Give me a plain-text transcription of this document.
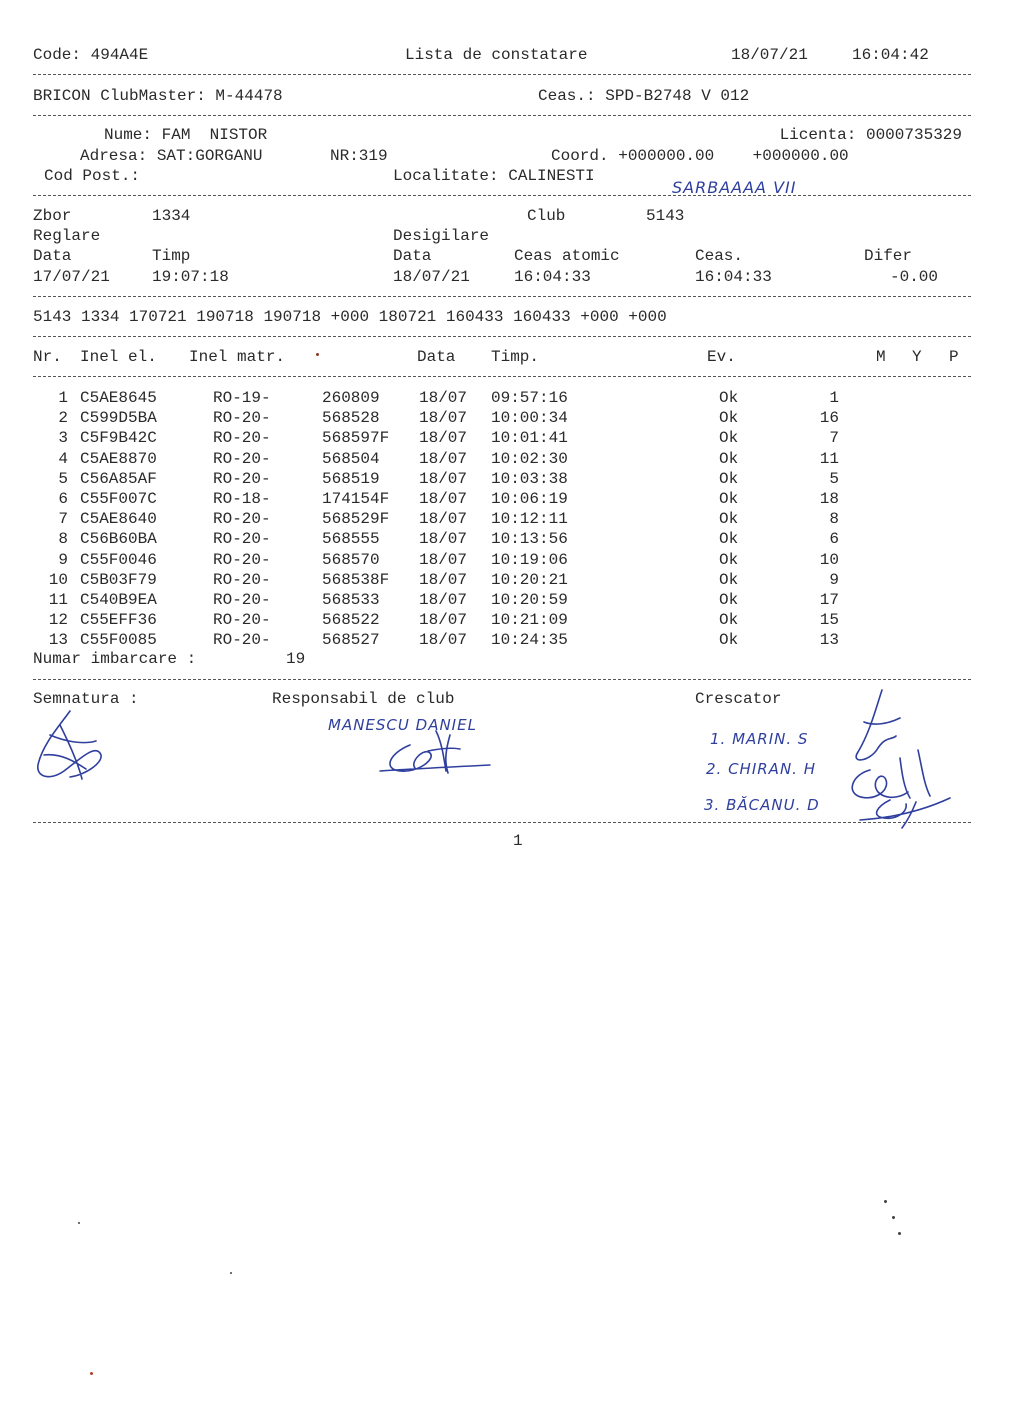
Code: 494A4E	Lista de constatare	18/07/21	16:04:42
BRICON ClubMaster: M-44478	Ceas.: SPD-B2748 V 012
Nume: FAM  NISTOR	Licenta: 0000735329
Adresa: SAT:GORGANU	NR:319	Coord. +000000.00    +000000.00
Cod Post.:	Localitate: CALINESTI
SARBAAAA VII
Zbor	1334	Club	5143
Reglare	Desigilare
Data	Timp	Data	Ceas atomic	Ceas.	Difer
17/07/21	19:07:18	18/07/21	16:04:33	16:04:33	-0.00
5143 1334 170721 190718 190718 +000 180721 160433 160433 +000 +000
Nr. Inel el. Inel matr.	Data Timp.	Ev.	M Y P
1 C5AE8645	RO-19-	260809 18/07 09:57:16	Ok	1
2 C599D5BA	RO-20-	568528 18/07 10:00:34	Ok	16
3 C5F9B42C	RO-20-	568597F 18/07 10:01:41	Ok	7
4 C5AE8870	RO-20-	568504 18/07 10:02:30	Ok	11
5 C56A85AF	RO-20-	568519 18/07 10:03:38	Ok	5
6 C55F007C	RO-18-	174154F 18/07 10:06:19	Ok	18
7 C5AE8640	RO-20-	568529F 18/07 10:12:11	Ok	8
8 C56B60BA	RO-20-	568555 18/07 10:13:56	Ok	6
9 C55F0046	RO-20-	568570 18/07 10:19:06	Ok	10
10 C5B03F79	RO-20-	568538F 18/07 10:20:21	Ok	9
11 C540B9EA	RO-20-	568533 18/07 10:20:59	Ok	17
12 C55EFF36	RO-20-	568522 18/07 10:21:09	Ok	15
13 C55F0085	RO-20-	568527 18/07 10:24:35	Ok	13
Numar imbarcare :	19
Semnatura :	Responsabil de club	Crescator
MANESCU DANIEL
1. MARIN. S
2. CHIRAN. H
3. BĂCANU. D
1
